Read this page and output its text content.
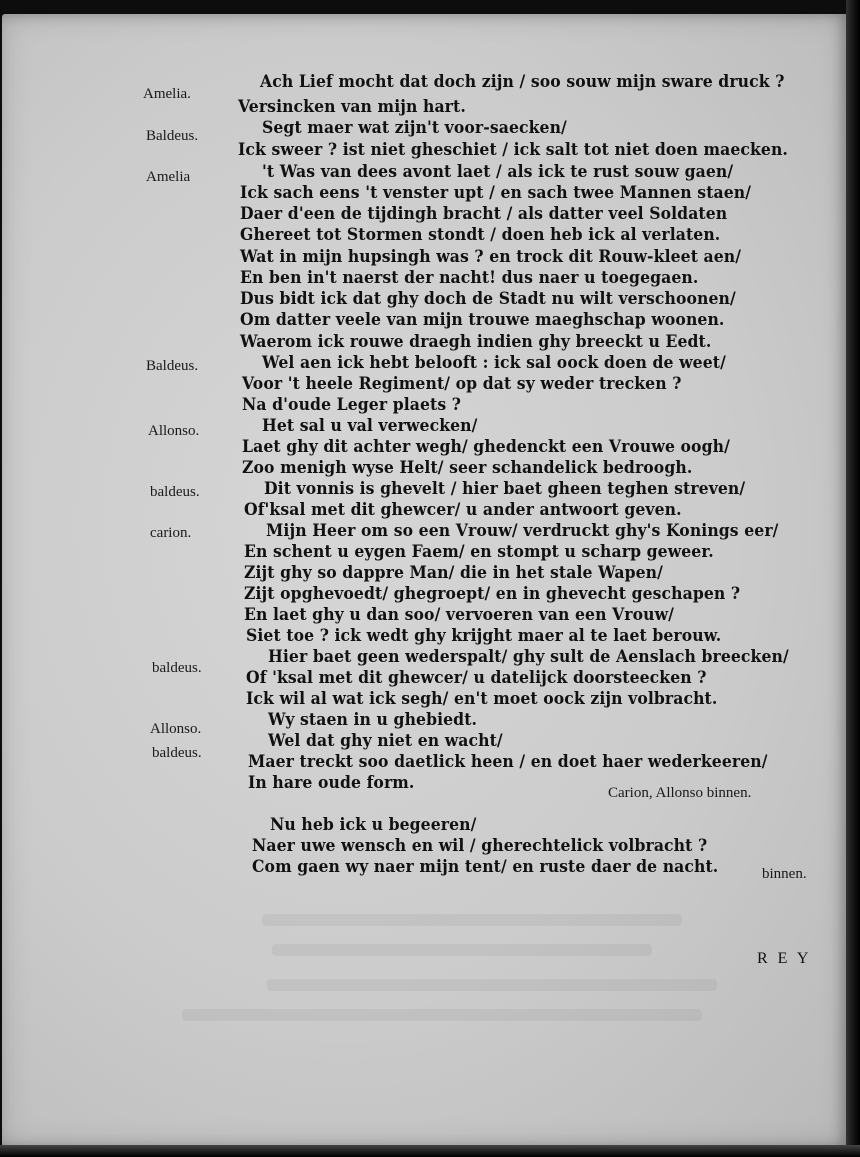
Amelia.
Baldeus.
Amelia
Baldeus.
Allonso.
baldeus.
carion.
baldeus.
Allonso.
baldeus.
Ach Lief mocht dat doch zijn / soo souw mijn sware druck ?
Versincken van mijn hart.
Segt maer wat zijn't voor-saecken/
Ick sweer ? ist niet gheschiet / ick salt tot niet doen maecken.
't Was van dees avont laet / als ick te rust souw gaen/
Ick sach eens 't venster upt / en sach twee Mannen staen/
Daer d'een de tijdingh bracht / als datter veel Soldaten
Ghereet tot Stormen stondt / doen heb ick al verlaten.
Wat in mijn hupsingh was ? en trock dit Rouw-kleet aen/
En ben in't naerst der nacht! dus naer u toegegaen.
Dus bidt ick dat ghy doch de Stadt nu wilt verschoonen/
Om datter veele van mijn trouwe maeghschap woonen.
Waerom ick rouwe draegh indien ghy breeckt u Eedt.
Wel aen ick hebt belooft : ick sal oock doen de weet/
Voor 't heele Regiment/ op dat sy weder trecken ?
Na d'oude Leger plaets ?
Het sal u val verwecken/
Laet ghy dit achter wegh/ ghedenckt een Vrouwe oogh/
Zoo menigh wyse Helt/ seer schandelick bedroogh.
Dit vonnis is ghevelt / hier baet gheen teghen streven/
Of'ksal met dit ghewcer/ u ander antwoort geven.
Mijn Heer om so een Vrouw/ verdruckt ghy's Konings eer/
En schent u eygen Faem/ en stompt u scharp geweer.
Zijt ghy so dappre Man/ die in het stale Wapen/
Zijt opghevoedt/ ghegroept/ en in ghevecht geschapen ?
En laet ghy u dan soo/ vervoeren van een Vrouw/
Siet toe ? ick wedt ghy krijght maer al te laet berouw.
Hier baet geen wederspalt/ ghy sult de Aenslach breecken/
Of 'ksal met dit ghewcer/ u datelijck doorsteecken ?
Ick wil al wat ick segh/ en't moet oock zijn volbracht.
Wy staen in u ghebiedt.
Wel dat ghy niet en wacht/
Maer treckt soo daetlick heen / en doet haer wederkeeren/
In hare oude form.
Nu heb ick u begeeren/
Naer uwe wensch en wil / gherechtelick volbracht ?
Com gaen wy naer mijn tent/ en ruste daer de nacht.
Carion, Allonso binnen.
binnen.
R E Y
